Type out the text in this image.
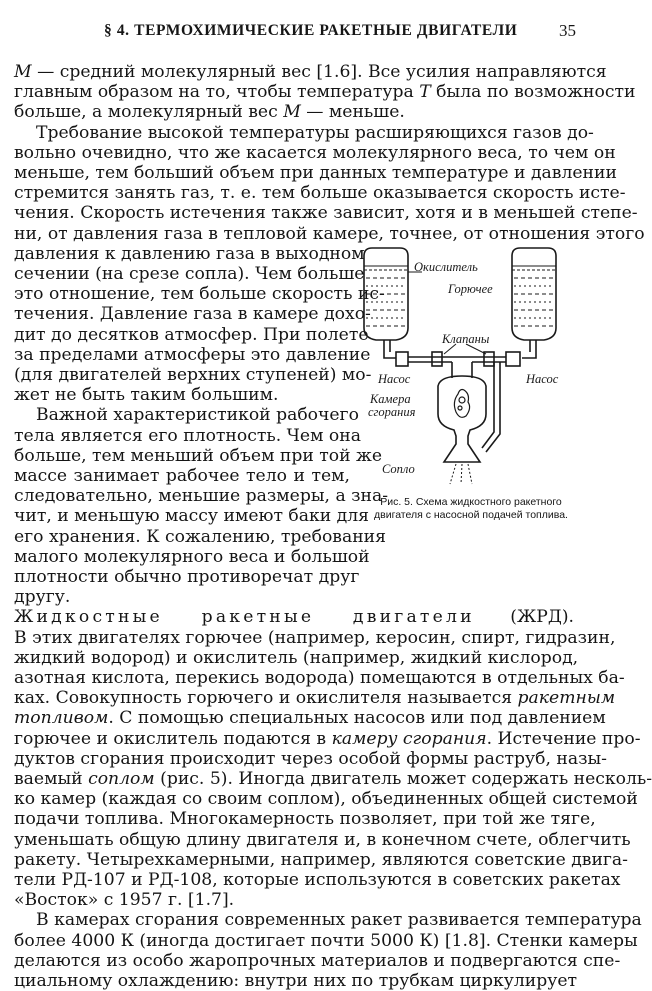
§ 4. ТЕРМОХИМИЧЕСКИЕ РАКЕТНЫЕ ДВИГАТЕЛИ 35
M — средний молекулярный вес [1.6]. Все усилия направляются
главным образом на то, чтобы температура T была по возможности
больше, а молекулярный вес M — меньше.
Требование высокой температуры расширяющихся газов до-
вольно очевидно, что же касается молекулярного веса, то чем он
меньше, тем больший объем при данных температуре и давлении
стремится занять газ, т. е. тем больше оказывается скорость исте-
чения. Скорость истечения также зависит, хотя и в меньшей степе-
ни, от давления газа в тепловой камере, точнее, от отношения этого
давления к давлению газа в выходном
сечении (на срезе сопла). Чем больше
это отношение, тем больше скорость ис-
течения. Давление газа в камере дохо-
дит до десятков атмосфер. При полете
за пределами атмосферы это давление
(для двигателей верхних ступеней) мо-
жет не быть таким большим.
Важной характеристикой рабочего
тела является его плотность. Чем она
больше, тем меньший объем при той же
массе занимает рабочее тело и тем,
следовательно, меньшие размеры, а зна-
чит, и меньшую массу имеют баки для
его хранения. К сожалению, требования
малого молекулярного веса и большой
плотности обычно противоречат друг
другу.
Жидкостные ракетные двигатели (ЖРД).
В этих двигателях горючее (например, керосин, спирт, гидразин,
жидкий водород) и окислитель (например, жидкий кислород,
азотная кислота, перекись водорода) помещаются в отдельных ба-
ках. Совокупность горючего и окислителя называется ракетным
топливом. С помощью специальных насосов или под давлением
горючее и окислитель подаются в камеру сгорания. Истечение про-
дуктов сгорания происходит через особой формы раструб, назы-
ваемый соплом (рис. 5). Иногда двигатель может содержать несколь-
ко камер (каждая со своим соплом), объединенных общей системой
подачи топлива. Многокамерность позволяет, при той же тяге,
уменьшать общую длину двигателя и, в конечном счете, облегчить
ракету. Четырехкамерными, например, являются советские двига-
тели РД-107 и РД-108, которые используются в советских ракетах
«Восток» с 1957 г. [1.7].
В камерах сгорания современных ракет развивается температура
более 4000 К (иногда достигает почти 5000 К) [1.8]. Стенки камеры
делаются из особо жаропрочных материалов и подвергаются спе-
циальному охлаждению: внутри них по трубкам циркулирует
Окислитель
Горючее
Клапаны
Насос	Насос
Камера
сгорания
Сопло
Рис. 5. Схема жидкостного ракетного двигателя с насосной подачей топлива.
